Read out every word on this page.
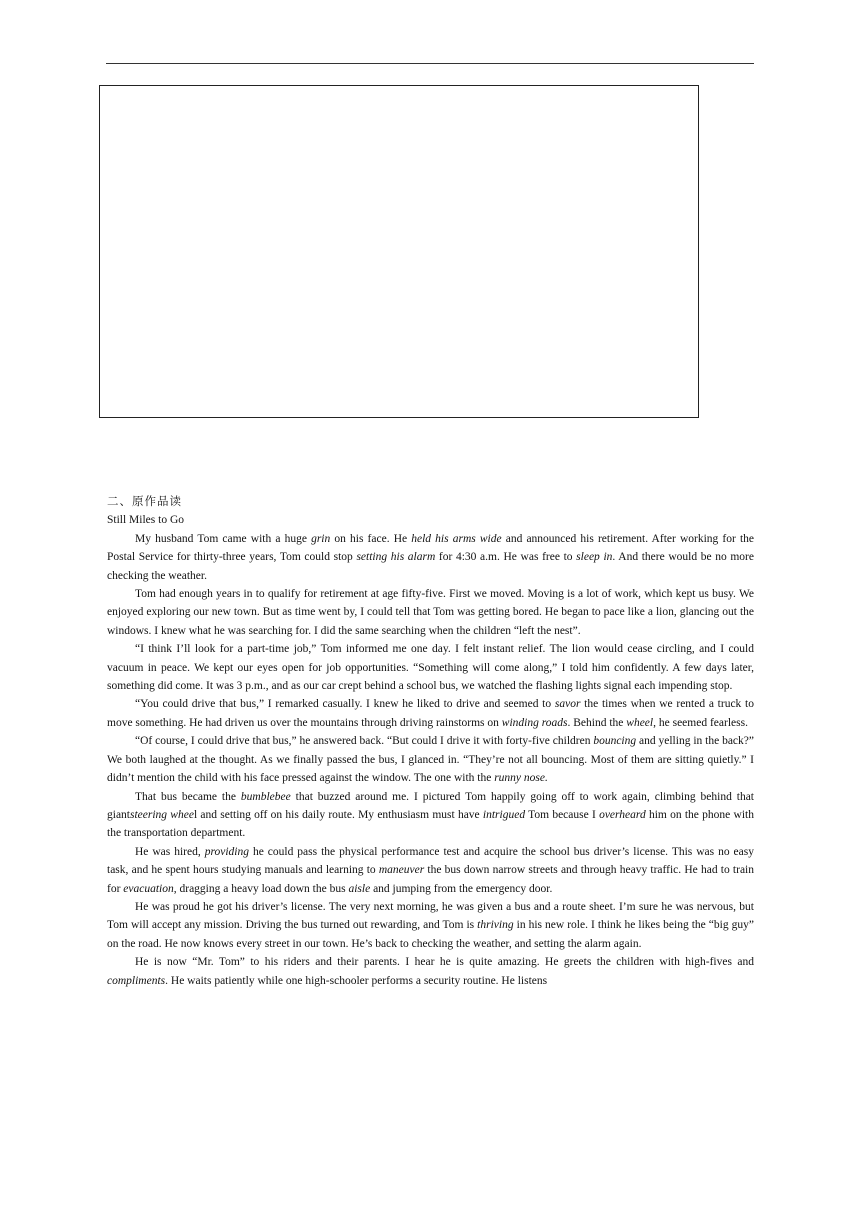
二、原作品读
Still Miles to Go

My husband Tom came with a huge grin on his face. He held his arms wide and announced his retirement. After working for the Postal Service for thirty-three years, Tom could stop setting his alarm for 4:30 a.m. He was free to sleep in. And there would be no more checking the weather.

Tom had enough years in to qualify for retirement at age fifty-five. First we moved. Moving is a lot of work, which kept us busy. We enjoyed exploring our new town. But as time went by, I could tell that Tom was getting bored. He began to pace like a lion, glancing out the windows. I knew what he was searching for. I did the same searching when the children “left the nest”.

“I think I’ll look for a part-time job,” Tom informed me one day. I felt instant relief. The lion would cease circling, and I could vacuum in peace. We kept our eyes open for job opportunities. “Something will come along,” I told him confidently. A few days later, something did come. It was 3 p.m., and as our car crept behind a school bus, we watched the flashing lights signal each impending stop.

“You could drive that bus,” I remarked casually. I knew he liked to drive and seemed to savor the times when we rented a truck to move something. He had driven us over the mountains through driving rainstorms on winding roads. Behind the wheel, he seemed fearless.

“Of course, I could drive that bus,” he answered back. “But could I drive it with forty-five children bouncing and yelling in the back?” We both laughed at the thought. As we finally passed the bus, I glanced in. “They’re not all bouncing. Most of them are sitting quietly.” I didn’t mention the child with his face pressed against the window. The one with the runny nose.

That bus became the bumblebee that buzzed around me. I pictured Tom happily going off to work again, climbing behind that giantsteering wheel and setting off on his daily route. My enthusiasm must have intrigued Tom because I overheard him on the phone with the transportation department.

He was hired, providing he could pass the physical performance test and acquire the school bus driver’s license. This was no easy task, and he spent hours studying manuals and learning to maneuver the bus down narrow streets and through heavy traffic. He had to train for evacuation, dragging a heavy load down the bus aisle and jumping from the emergency door.

He was proud he got his driver’s license. The very next morning, he was given a bus and a route sheet. I’m sure he was nervous, but Tom will accept any mission. Driving the bus turned out rewarding, and Tom is thriving in his new role. I think he likes being the “big guy” on the road. He now knows every street in our town. He’s back to checking the weather, and setting the alarm again.

He is now “Mr. Tom” to his riders and their parents. I hear he is quite amazing. He greets the children with high-fives and compliments. He waits patiently while one high-schooler performs a security routine. He listens
